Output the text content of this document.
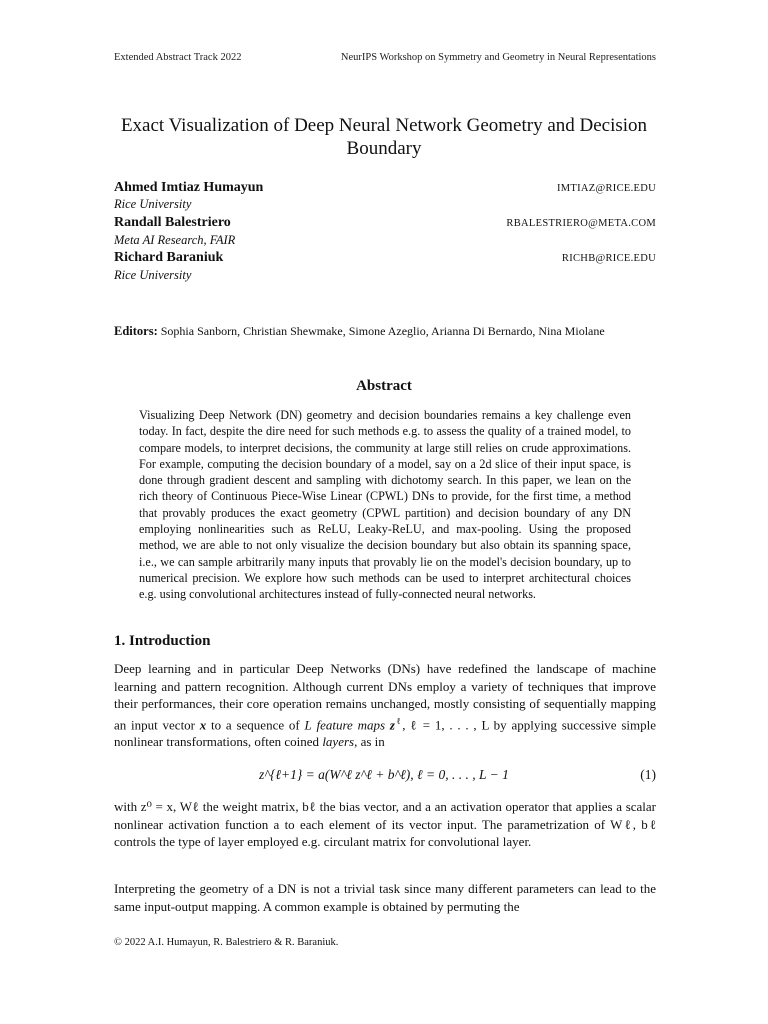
Extended Abstract Track 2022	NeurIPS Workshop on Symmetry and Geometry in Neural Representations
Exact Visualization of Deep Neural Network Geometry and Decision Boundary
Ahmed Imtiaz Humayun	IMTIAZ@RICE.EDU
Rice University
Randall Balestriero	RBALESTRIERO@META.COM
Meta AI Research, FAIR
Richard Baraniuk	RICHB@RICE.EDU
Rice University
Editors: Sophia Sanborn, Christian Shewmake, Simone Azeglio, Arianna Di Bernardo, Nina Miolane
Abstract
Visualizing Deep Network (DN) geometry and decision boundaries remains a key challenge even today. In fact, despite the dire need for such methods e.g. to assess the quality of a trained model, to compare models, to interpret decisions, the community at large still relies on crude approximations. For example, computing the decision boundary of a model, say on a 2d slice of their input space, is done through gradient descent and sampling with dichotomy search. In this paper, we lean on the rich theory of Continuous Piece-Wise Linear (CPWL) DNs to provide, for the first time, a method that provably produces the exact geometry (CPWL partition) and decision boundary of any DN employing nonlinearities such as ReLU, Leaky-ReLU, and max-pooling. Using the proposed method, we are able to not only visualize the decision boundary but also obtain its spanning space, i.e., we can sample arbitrarily many inputs that provably lie on the model's decision boundary, up to numerical precision. We explore how such methods can be used to interpret architectural choices e.g. using convolutional architectures instead of fully-connected neural networks.
1. Introduction
Deep learning and in particular Deep Networks (DNs) have redefined the landscape of machine learning and pattern recognition. Although current DNs employ a variety of techniques that improve their performances, their core operation remains unchanged, mostly consisting of sequentially mapping an input vector x to a sequence of L feature maps $z^\ell$, ℓ = 1, . . . , L by applying successive simple nonlinear transformations, often coined layers, as in
z^{ℓ+1} = a(W^ℓ z^ℓ + b^ℓ), ℓ = 0, . . . , L − 1	(1)
with z⁰ = x, Wℓ the weight matrix, bℓ the bias vector, and a an activation operator that applies a scalar nonlinear activation function a to each element of its vector input. The parametrization of Wℓ, bℓ controls the type of layer employed e.g. circulant matrix for convolutional layer.
Interpreting the geometry of a DN is not a trivial task since many different parameters can lead to the same input-output mapping. A common example is obtained by permuting the
© 2022 A.I. Humayun, R. Balestriero & R. Baraniuk.
